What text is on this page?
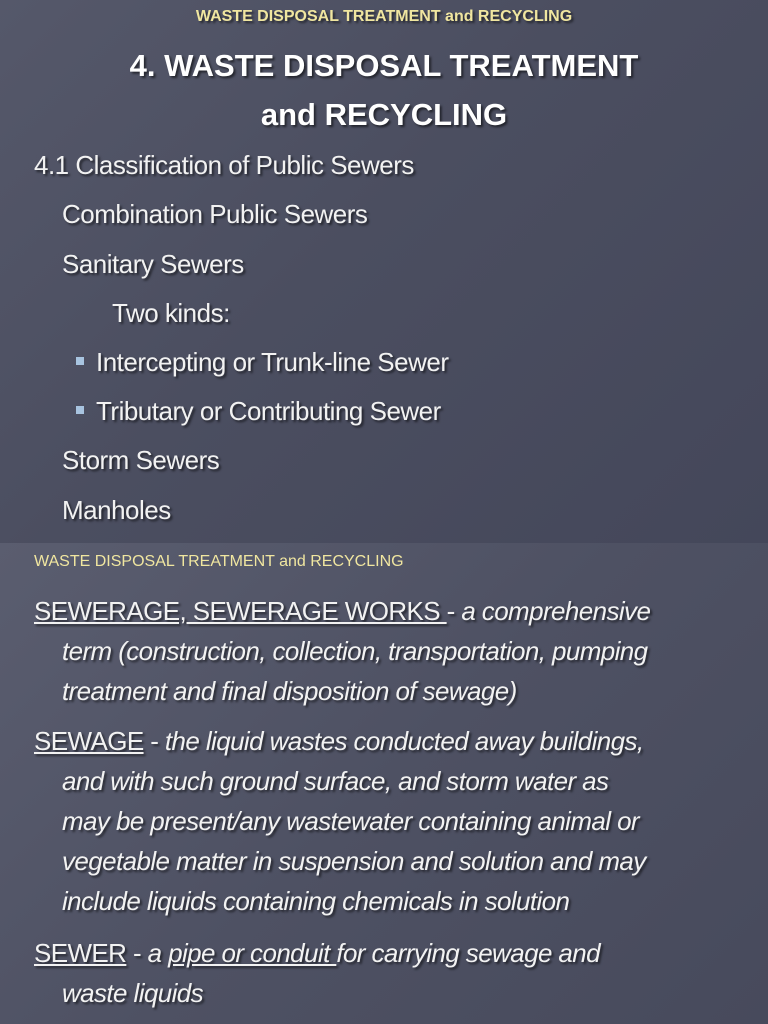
WASTE DISPOSAL TREATMENT and RECYCLING
4. WASTE DISPOSAL TREATMENT
and RECYCLING
4.1 Classification of Public Sewers
Combination Public Sewers
Sanitary Sewers
Two kinds:
Intercepting or Trunk-line Sewer
Tributary or Contributing Sewer
Storm Sewers
Manholes
WASTE DISPOSAL TREATMENT and RECYCLING
SEWERAGE, SEWERAGE WORKS - a comprehensive
term (construction, collection, transportation, pumping
treatment and final disposition of sewage)
SEWAGE - the liquid wastes conducted away buildings,
and with such ground surface, and storm water as
may be present/any wastewater containing animal or
vegetable matter in suspension and solution and may
include liquids containing chemicals in solution
SEWER - a pipe or conduit for carrying sewage and
waste liquids
